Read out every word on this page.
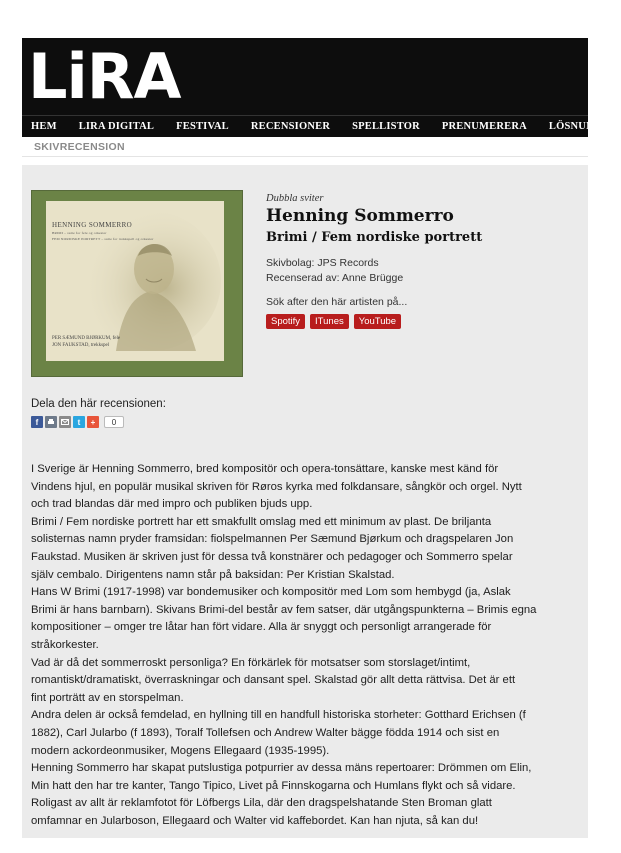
LiRA
HEM LIRA DIGITAL FESTIVAL RECENSIONER SPELLISTOR PRENUMERERA LÖSNUMMER
SKIVRECENSION
HENNING SOMMERRO
BRIMI – suite for fele og orkester
FEM NORDISKE PORTRETT – suite for trekkspell og orkester
PER SÆMUND BJØRKUM, fele
JON FAUKSTAD, trekkspel
Dubbla sviter
Henning Sommerro
Brimi / Fem nordiske portrett
Skivbolag: JPS Records
Recenserad av: Anne Brügge
Sök after den här artisten på...
Spotify	ITunes	YouTube
Dela den här recensionen:
f	t	+	0

I Sverige är Henning Sommerro, bred kompositör och opera-tonsättare, kanske mest känd för

Vindens hjul, en populär musikal skriven för Røros kyrka med folkdansare, sångkör och orgel. Nytt

och trad blandas där med impro och publiken bjuds upp.

Brimi / Fem nordiske portrett har ett smakfullt omslag med ett minimum av plast. De briljanta

solisternas namn pryder framsidan: fiolspelmannen Per Sæmund Bjørkum och dragspelaren Jon

Faukstad. Musiken är skriven just för dessa två konstnärer och pedagoger och Sommerro spelar

själv cembalo. Dirigentens namn står på baksidan: Per Kristian Skalstad.

Hans W Brimi (1917-1998) var bondemusiker och kompositör med Lom som hembygd (ja, Aslak

Brimi är hans barnbarn). Skivans Brimi-del består av fem satser, där utgångspunkterna – Brimis egna

kompositioner – omger tre låtar han fört vidare. Alla är snyggt och personligt arrangerade för

stråkorkester.

Vad är då det sommerroskt personliga? En förkärlek för motsatser som storslaget/intimt,

romantiskt/dramatiskt, överraskningar och dansant spel. Skalstad gör allt detta rättvisa. Det är ett

fint porträtt av en storspelman.

Andra delen är också femdelad, en hyllning till en handfull historiska storheter: Gotthard Erichsen (f

1882), Carl Jularbo (f 1893), Toralf Tollefsen och Andrew Walter bägge födda 1914 och sist en

modern ackordeonmusiker, Mogens Ellegaard (1935-1995).

Henning Sommerro har skapat putslustiga potpurrier av dessa mäns repertoarer: Drömmen om Elin,

Min hatt den har tre kanter, Tango Tipico, Livet på Finnskogarna och Humlans flykt och så vidare.

Roligast av allt är reklamfotot för Löfbergs Lila, där den dragspelshatande Sten Broman glatt

omfamnar en Jularboson, Ellegaard och Walter vid kaffebordet. Kan han njuta, så kan du!
